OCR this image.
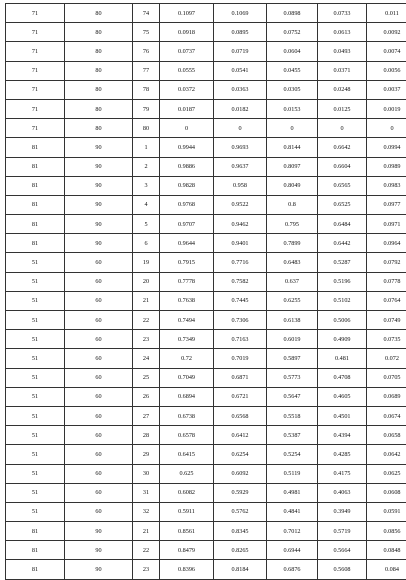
71	80	74	0.1097	0.1069	0.0898	0.0733	0.011
71	80	75	0.0918	0.0895	0.0752	0.0613	0.0092
71	80	76	0.0737	0.0719	0.0604	0.0493	0.0074
71	80	77	0.0555	0.0541	0.0455	0.0371	0.0056
71	80	78	0.0372	0.0363	0.0305	0.0248	0.0037
71	80	79	0.0187	0.0182	0.0153	0.0125	0.0019
71	80	80	0	0	0	0	0
81	90	1	0.9944	0.9693	0.8144	0.6642	0.0994
81	90	2	0.9886	0.9637	0.8097	0.6604	0.0989
81	90	3	0.9828	0.958	0.8049	0.6565	0.0983
81	90	4	0.9768	0.9522	0.8	0.6525	0.0977
81	90	5	0.9707	0.9462	0.795	0.6484	0.0971
81	90	6	0.9644	0.9401	0.7899	0.6442	0.0964
51	60	19	0.7915	0.7716	0.6483	0.5287	0.0792
51	60	20	0.7778	0.7582	0.637	0.5196	0.0778
51	60	21	0.7638	0.7445	0.6255	0.5102	0.0764
51	60	22	0.7494	0.7306	0.6138	0.5006	0.0749
51	60	23	0.7349	0.7163	0.6019	0.4909	0.0735
51	60	24	0.72	0.7019	0.5897	0.481	0.072
51	60	25	0.7049	0.6871	0.5773	0.4708	0.0705
51	60	26	0.6894	0.6721	0.5647	0.4605	0.0689
51	60	27	0.6738	0.6568	0.5518	0.4501	0.0674
51	60	28	0.6578	0.6412	0.5387	0.4394	0.0658
51	60	29	0.6415	0.6254	0.5254	0.4285	0.0642
51	60	30	0.625	0.6092	0.5119	0.4175	0.0625
51	60	31	0.6082	0.5929	0.4981	0.4063	0.0608
51	60	32	0.5911	0.5762	0.4841	0.3949	0.0591
81	90	21	0.8561	0.8345	0.7012	0.5719	0.0856
81	90	22	0.8479	0.8265	0.6944	0.5664	0.0848
81	90	23	0.8396	0.8184	0.6876	0.5608	0.084
